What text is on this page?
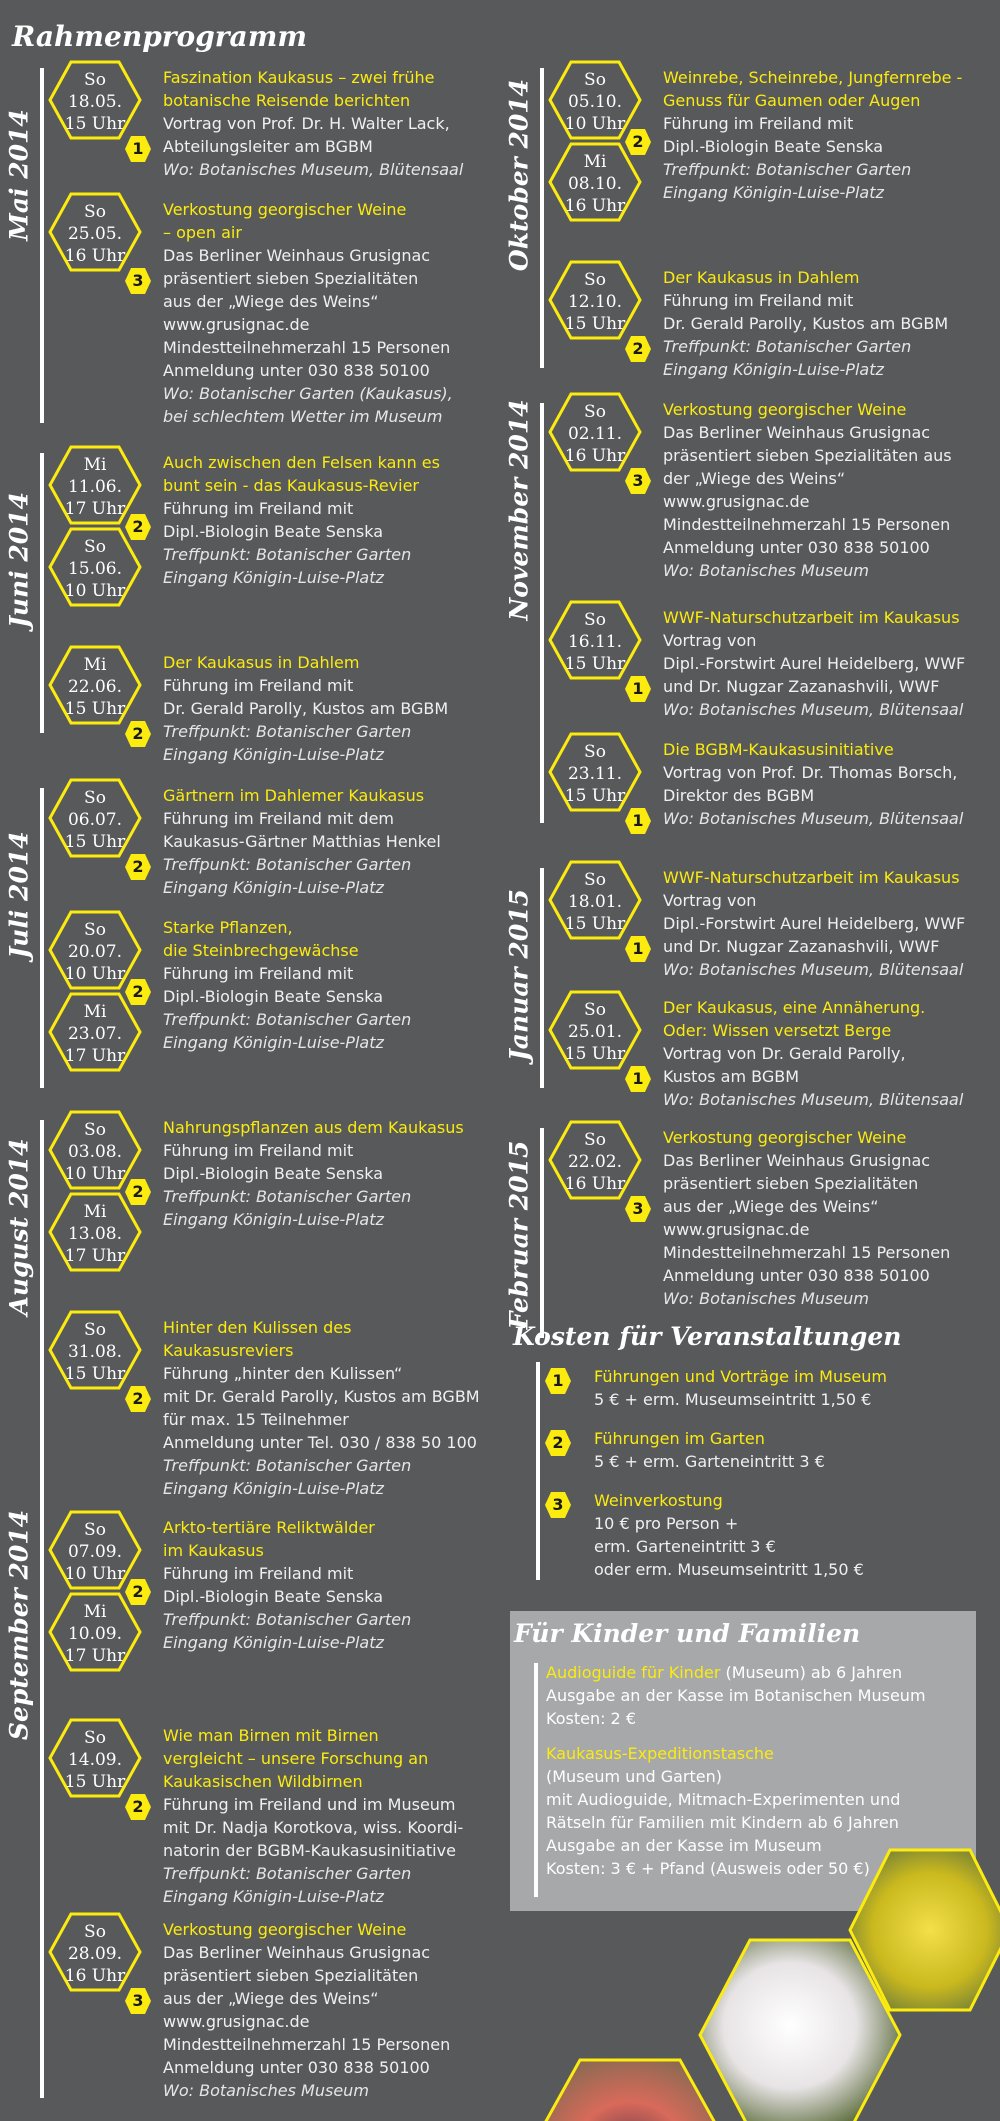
Rahmenprogramm
Mai 2014
So
18.05.
15 Uhr
1
Faszination Kaukasus – zwei frühe
botanische Reisende berichten
Vortrag von Prof. Dr. H. Walter Lack,
Abteilungsleiter am BGBM
Wo: Botanisches Museum, Blütensaal
So
25.05.
16 Uhr
3
Verkostung georgischer Weine
– open air
Das Berliner Weinhaus Grusignac
präsentiert sieben Spezialitäten
aus der „Wiege des Weins“
www.grusignac.de
Mindestteilnehmerzahl 15 Personen
Anmeldung unter 030 838 50100
Wo: Botanischer Garten (Kaukasus),
bei schlechtem Wetter im Museum
Juni 2014
Mi
11.06.
17 Uhr
So
15.06.
10 Uhr
2
Auch zwischen den Felsen kann es
bunt sein - das Kaukasus-Revier
Führung im Freiland mit
Dipl.-Biologin Beate Senska
Treffpunkt: Botanischer Garten
Eingang Königin-Luise-Platz
Mi
22.06.
15 Uhr
2
Der Kaukasus in Dahlem
Führung im Freiland mit
Dr. Gerald Parolly, Kustos am BGBM
Treffpunkt: Botanischer Garten
Eingang Königin-Luise-Platz
Juli 2014
So
06.07.
15 Uhr
2
Gärtnern im Dahlemer Kaukasus
Führung im Freiland mit dem
Kaukasus-Gärtner Matthias Henkel
Treffpunkt: Botanischer Garten
Eingang Königin-Luise-Platz
So
20.07.
10 Uhr
Mi
23.07.
17 Uhr
2
Starke Pflanzen,
die Steinbrechgewächse
Führung im Freiland mit
Dipl.-Biologin Beate Senska
Treffpunkt: Botanischer Garten
Eingang Königin-Luise-Platz
August 2014
So
03.08.
10 Uhr
Mi
13.08.
17 Uhr
2
Nahrungspflanzen aus dem Kaukasus
Führung im Freiland mit
Dipl.-Biologin Beate Senska
Treffpunkt: Botanischer Garten
Eingang Königin-Luise-Platz
So
31.08.
15 Uhr
2
Hinter den Kulissen des
Kaukasusreviers
Führung „hinter den Kulissen“
mit Dr. Gerald Parolly, Kustos am BGBM
für max. 15 Teilnehmer
Anmeldung unter Tel. 030 / 838 50 100
Treffpunkt: Botanischer Garten
Eingang Königin-Luise-Platz
September 2014	So
07.09.
10 Uhr
Mi
10.09.
17 Uhr
2
Arkto-tertiäre Reliktwälder
im Kaukasus
Führung im Freiland mit
Dipl.-Biologin Beate Senska
Treffpunkt: Botanischer Garten
Eingang Königin-Luise-Platz
So
14.09.
15 Uhr
2
Wie man Birnen mit Birnen
vergleicht – unsere Forschung an
Kaukasischen Wildbirnen
Führung im Freiland und im Museum
mit Dr. Nadja Korotkova, wiss. Koordi-
natorin der BGBM-Kaukasusinitiative
Treffpunkt: Botanischer Garten
Eingang Königin-Luise-Platz
So
28.09.
16 Uhr
3
Verkostung georgischer Weine
Das Berliner Weinhaus Grusignac
präsentiert sieben Spezialitäten
aus der „Wiege des Weins“
www.grusignac.de
Mindestteilnehmerzahl 15 Personen
Anmeldung unter 030 838 50100
Wo: Botanisches Museum
Oktober 2014	So
05.10.
10 Uhr
Mi
08.10.
16 Uhr
2
Weinrebe, Scheinrebe, Jungfernrebe -
Genuss für Gaumen oder Augen
Führung im Freiland mit
Dipl.-Biologin Beate Senska
Treffpunkt: Botanischer Garten
Eingang Königin-Luise-Platz
So
12.10.
15 Uhr
2
Der Kaukasus in Dahlem
Führung im Freiland mit
Dr. Gerald Parolly, Kustos am BGBM
Treffpunkt: Botanischer Garten
Eingang Königin-Luise-Platz
November 2014	So
02.11.
16 Uhr
3
Verkostung georgischer Weine
Das Berliner Weinhaus Grusignac
präsentiert sieben Spezialitäten aus
der „Wiege des Weins“
www.grusignac.de
Mindestteilnehmerzahl 15 Personen
Anmeldung unter 030 838 50100
Wo: Botanisches Museum
So
16.11.
15 Uhr
1
WWF-Naturschutzarbeit im Kaukasus
Vortrag von
Dipl.-Forstwirt Aurel Heidelberg, WWF
und Dr. Nugzar Zazanashvili, WWF
Wo: Botanisches Museum, Blütensaal
So
23.11.
15 Uhr
1
Die BGBM-Kaukasusinitiative
Vortrag von Prof. Dr. Thomas Borsch,
Direktor des BGBM
Wo: Botanisches Museum, Blütensaal
Januar 2015
So
18.01.
15 Uhr
1
WWF-Naturschutzarbeit im Kaukasus
Vortrag von
Dipl.-Forstwirt Aurel Heidelberg, WWF
und Dr. Nugzar Zazanashvili, WWF
Wo: Botanisches Museum, Blütensaal
So
25.01.
15 Uhr
1
Der Kaukasus, eine Annäherung.
Oder: Wissen versetzt Berge
Vortrag von Dr. Gerald Parolly,
Kustos am BGBM
Wo: Botanisches Museum, Blütensaal
Februar 2015
So
22.02.
16 Uhr
3
Verkostung georgischer Weine
Das Berliner Weinhaus Grusignac
präsentiert sieben Spezialitäten
aus der „Wiege des Weins“
www.grusignac.de
Mindestteilnehmerzahl 15 Personen
Anmeldung unter 030 838 50100
Wo: Botanisches Museum
Kosten für Veranstaltungen
1	Führungen und Vorträge im Museum
5 € + erm. Museumseintritt 1,50 €
2	Führungen im Garten
5 € + erm. Garteneintritt 3 €
3	Weinverkostung
10 € pro Person +
erm. Garteneintritt 3 €
oder erm. Museumseintritt 1,50 €
Für Kinder und Familien
Audioguide für Kinder (Museum) ab 6 Jahren
Ausgabe an der Kasse im Botanischen Museum
Kosten: 2 €
Kaukasus-Expeditionstasche
(Museum und Garten)
mit Audioguide, Mitmach-Experimenten und
Rätseln für Familien mit Kindern ab 6 Jahren
Ausgabe an der Kasse im Museum
Kosten: 3 € + Pfand (Ausweis oder 50 €)
